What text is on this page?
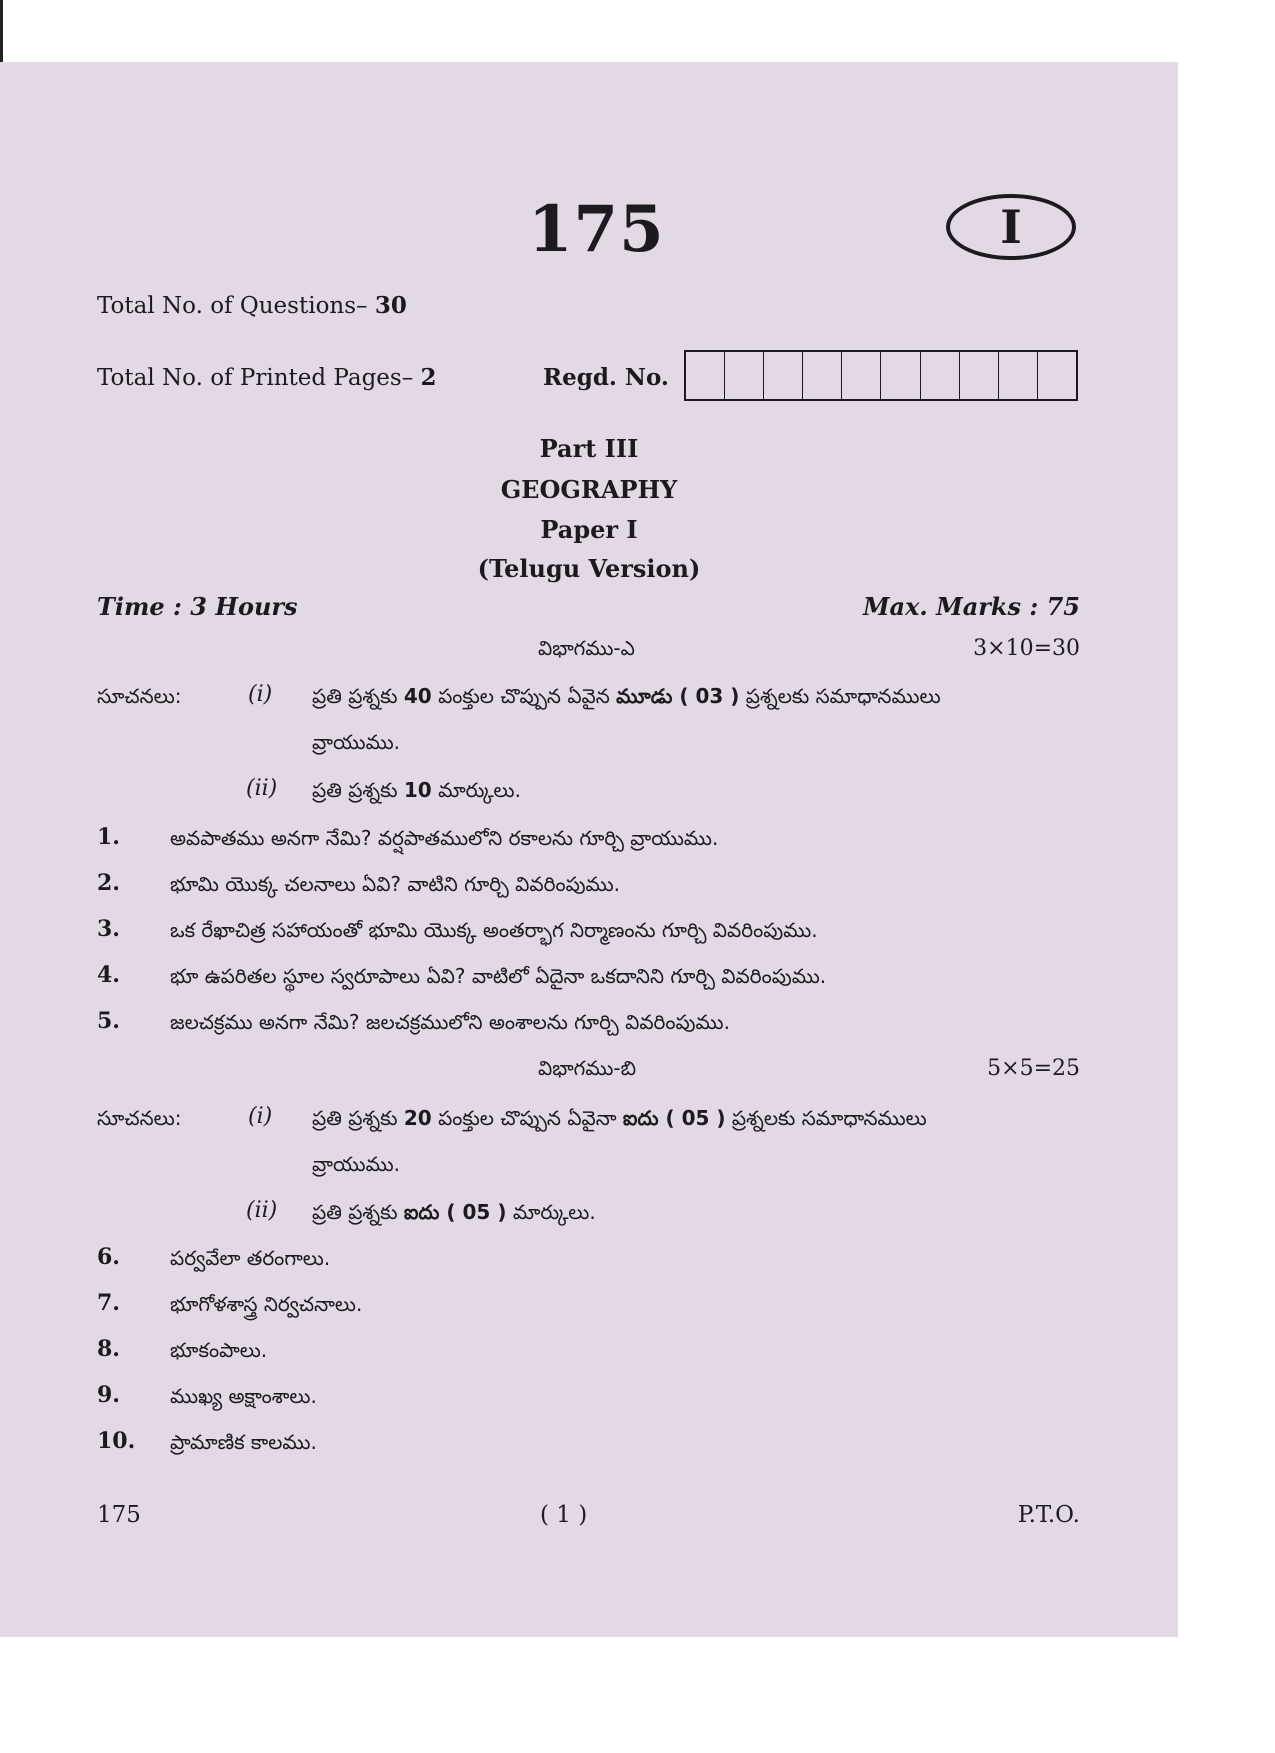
175	I
Total No. of Questions– 30
Total No. of Printed Pages– 2	Regd. No.
Part III
GEOGRAPHY
Paper I
(Telugu Version)
Time : 3 Hours	Max. Marks : 75
విభాగము-ఎ	3×10=30
సూచనలు:	(i) ప్రతి ప్రశ్నకు 40 పంక్తుల చొప్పున ఏవైన మూడు ( 03 ) ప్రశ్నలకు సమాధానములు
వ్రాయుము.
(ii) ప్రతి ప్రశ్నకు 10 మార్కులు.
1.	అవపాతము అనగా నేమి? వర్షపాతములోని రకాలను గూర్చి వ్రాయుము.
2.	భూమి యొక్క చలనాలు ఏవి? వాటిని గూర్చి వివరింపుము.
3.	ఒక రేఖాచిత్ర సహాయంతో భూమి యొక్క అంతర్భాగ నిర్మాణంను గూర్చి వివరింపుము.
4.	భూ ఉపరితల స్థూల స్వరూపాలు ఏవి? వాటిలో ఏదైనా ఒకదానిని గూర్చి వివరింపుము.
5.	జలచక్రము అనగా నేమి? జలచక్రములోని అంశాలను గూర్చి వివరింపుము.
విభాగము-బి	5×5=25
సూచనలు:	(i) ప్రతి ప్రశ్నకు 20 పంక్తుల చొప్పున ఏవైనా ఐదు ( 05 ) ప్రశ్నలకు సమాధానములు
వ్రాయుము.
(ii) ప్రతి ప్రశ్నకు ఐదు ( 05 ) మార్కులు.
6.	పర్వవేలా తరంగాలు.
7.	భూగోళశాస్త్ర నిర్వచనాలు.
8.	భూకంపాలు.
9.	ముఖ్య అక్షాంశాలు.
10. ప్రామాణిక కాలము.
175	( 1 )	P.T.O.
